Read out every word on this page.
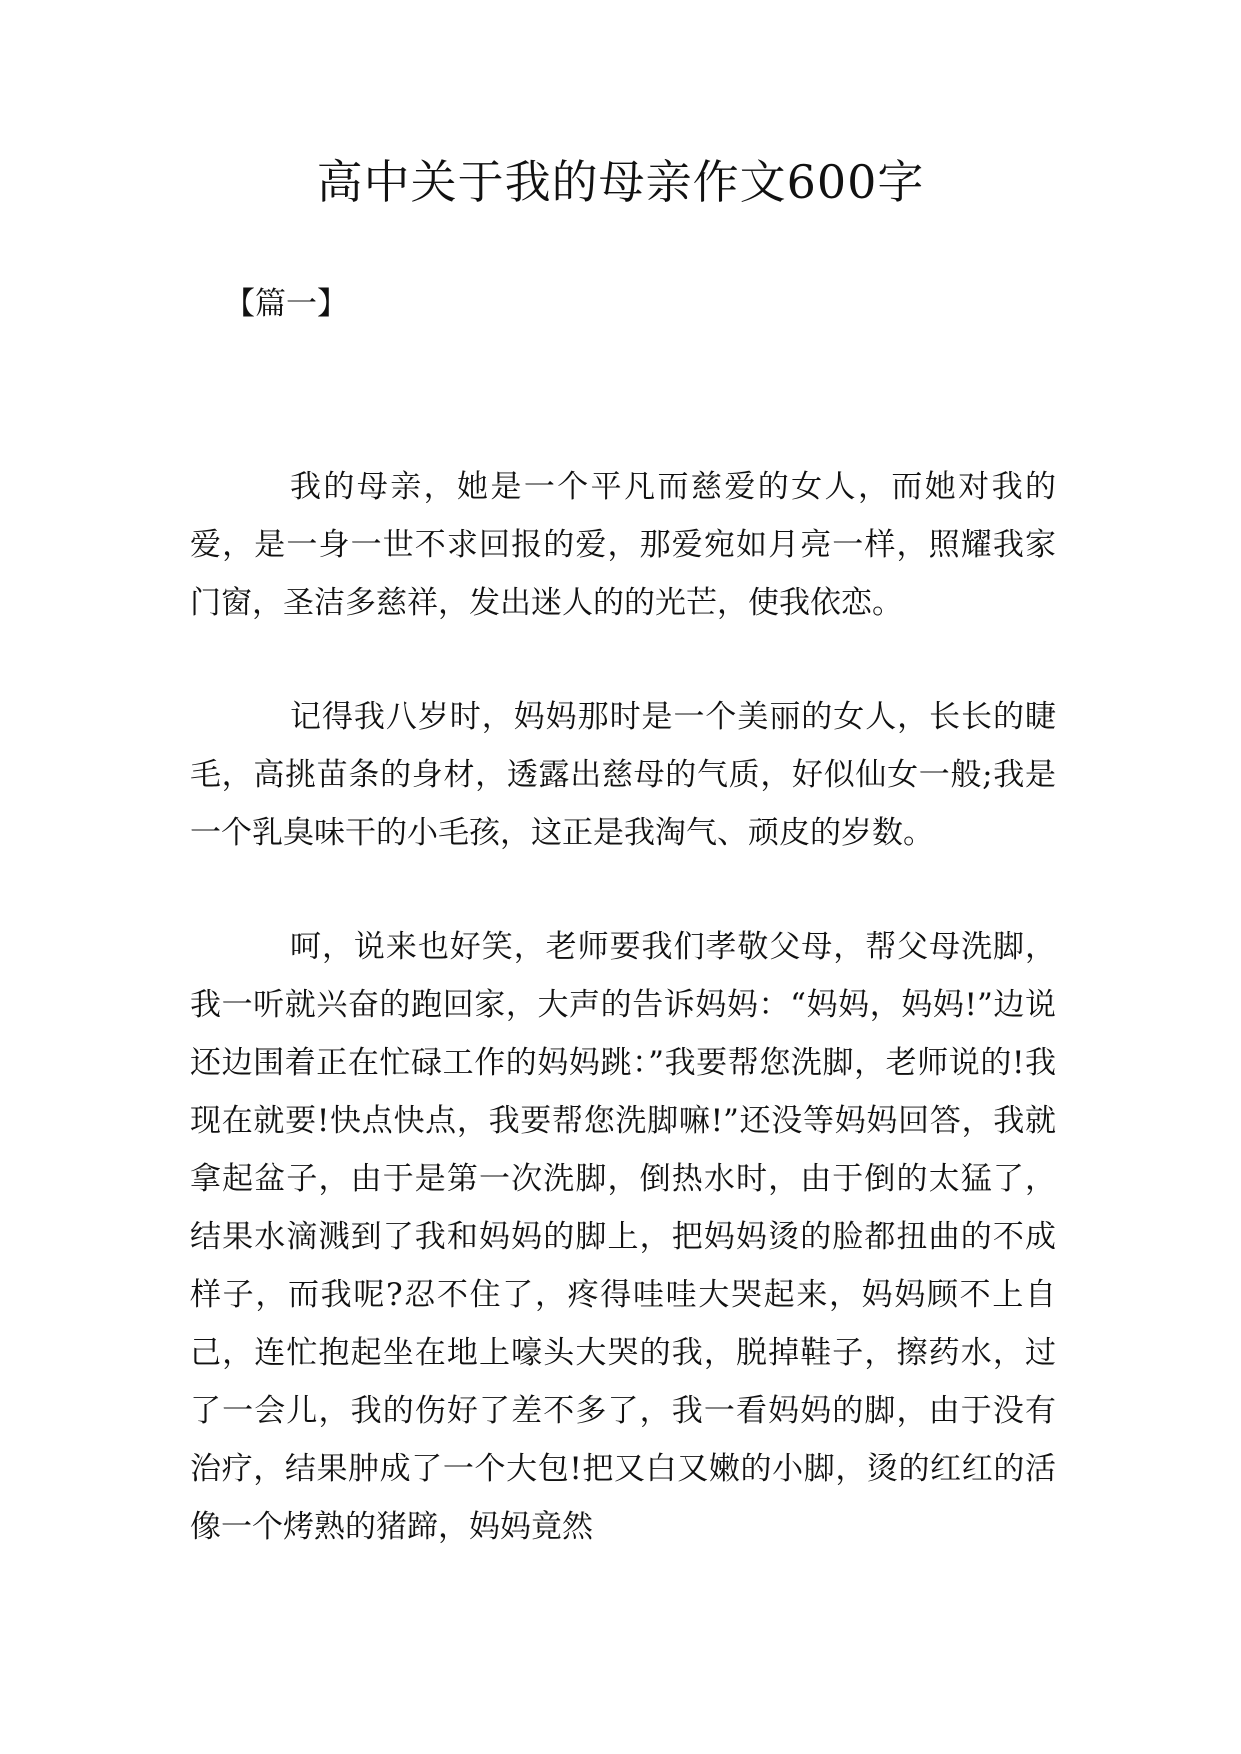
高中关于我的母亲作文600字
【篇一】

我的母亲，她是一个平凡而慈爱的女人，而她对我的爱，是一身一世不求回报的爱，那爱宛如月亮一样，照耀我家门窗，圣洁多慈祥，发出迷人的的光芒，使我依恋。

记得我八岁时，妈妈那时是一个美丽的女人，长长的睫毛，高挑苗条的身材，透露出慈母的气质，好似仙女一般;我是一个乳臭味干的小毛孩，这正是我淘气、顽皮的岁数。

呵，说来也好笑，老师要我们孝敬父母，帮父母洗脚，我一听就兴奋的跑回家，大声的告诉妈妈：“妈妈，妈妈!”边说还边围着正在忙碌工作的妈妈跳：”我要帮您洗脚，老师说的!我现在就要!快点快点，我要帮您洗脚嘛!”还没等妈妈回答，我就拿起盆子，由于是第一次洗脚，倒热水时，由于倒的太猛了，结果水滴溅到了我和妈妈的脚上，把妈妈烫的脸都扭曲的不成样子，而我呢?忍不住了，疼得哇哇大哭起来，妈妈顾不上自己，连忙抱起坐在地上嚎头大哭的我，脱掉鞋子，擦药水，过了一会儿，我的伤好了差不多了，我一看妈妈的脚，由于没有治疗，结果肿成了一个大包!把又白又嫩的小脚，烫的红红的活像一个烤熟的猪蹄，妈妈竟然
